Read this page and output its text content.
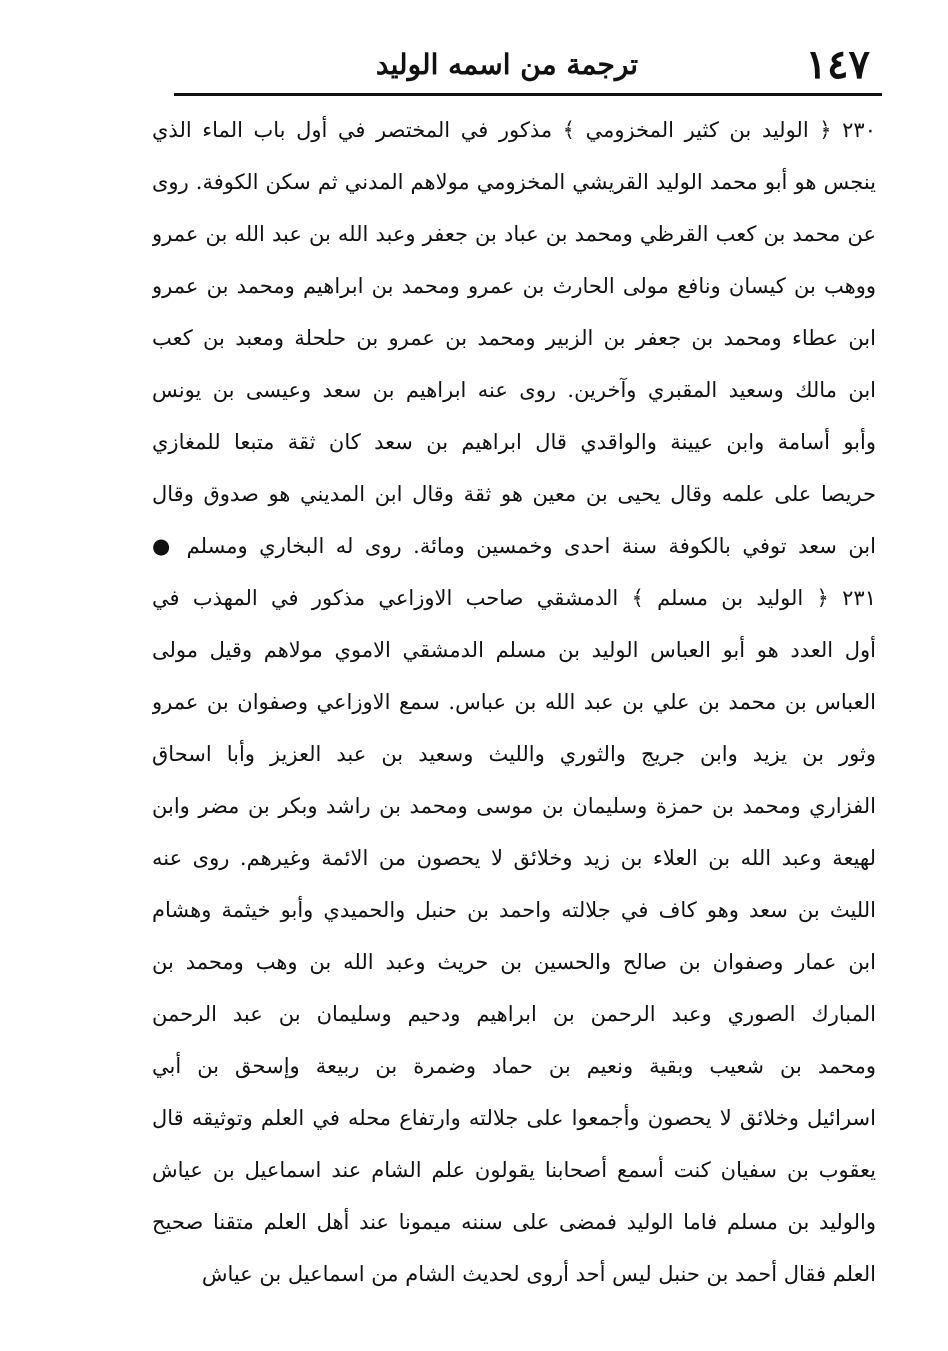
١٤٧
ترجمة من اسمه الوليد
٢٣٠ ﴿ الوليد بن كثير المخزومي ﴾ مذكور في المختصر في أول باب الماء الذي
ينجس هو أبو محمد الوليد القريشي المخزومي مولاهم المدني ثم سكن الكوفة. روى
عن محمد بن كعب القرظي ومحمد بن عباد بن جعفر وعبد الله بن عبد الله بن عمرو
ووهب بن كيسان ونافع مولى الحارث بن عمرو ومحمد بن ابراهيم ومحمد بن عمرو
ابن عطاء ومحمد بن جعفر بن الزبير ومحمد بن عمرو بن حلحلة ومعبد بن كعب
ابن مالك وسعيد المقبري وآخرين. روى عنه ابراهيم بن سعد وعيسى بن يونس
وأبو أسامة وابن عيينة والواقدي قال ابراهيم بن سعد كان ثقة متبعا للمغازي
حريصا على علمه وقال يحيى بن معين هو ثقة وقال ابن المديني هو صدوق وقال
ابن سعد توفي بالكوفة سنة احدى وخمسين ومائة. روى له البخاري ومسلم ●
٢٣١ ﴿ الوليد بن مسلم ﴾ الدمشقي صاحب الاوزاعي مذكور في المهذب في
أول العدد هو أبو العباس الوليد بن مسلم الدمشقي الاموي مولاهم وقيل مولى
العباس بن محمد بن علي بن عبد الله بن عباس. سمع الاوزاعي وصفوان بن عمرو
وثور بن يزيد وابن جريج والثوري والليث وسعيد بن عبد العزيز وأبا اسحاق
الفزاري ومحمد بن حمزة وسليمان بن موسى ومحمد بن راشد وبكر بن مضر وابن
لهيعة وعبد الله بن العلاء بن زيد وخلائق لا يحصون من الائمة وغيرهم. روى عنه
الليث بن سعد وهو كاف في جلالته واحمد بن حنبل والحميدي وأبو خيثمة وهشام
ابن عمار وصفوان بن صالح والحسين بن حريث وعبد الله بن وهب ومحمد بن
المبارك الصوري وعبد الرحمن بن ابراهيم ودحيم وسليمان بن عبد الرحمن
ومحمد بن شعيب وبقية ونعيم بن حماد وضمرة بن ربيعة وإسحق بن أبي
اسرائيل وخلائق لا يحصون وأجمعوا على جلالته وارتفاع محله في العلم وتوثيقه قال
يعقوب بن سفيان كنت أسمع أصحابنا يقولون علم الشام عند اسماعيل بن عياش
والوليد بن مسلم فاما الوليد فمضى على سننه ميمونا عند أهل العلم متقنا صحيح
العلم فقال أحمد بن حنبل ليس أحد أروى لحديث الشام من اسماعيل بن عياش
